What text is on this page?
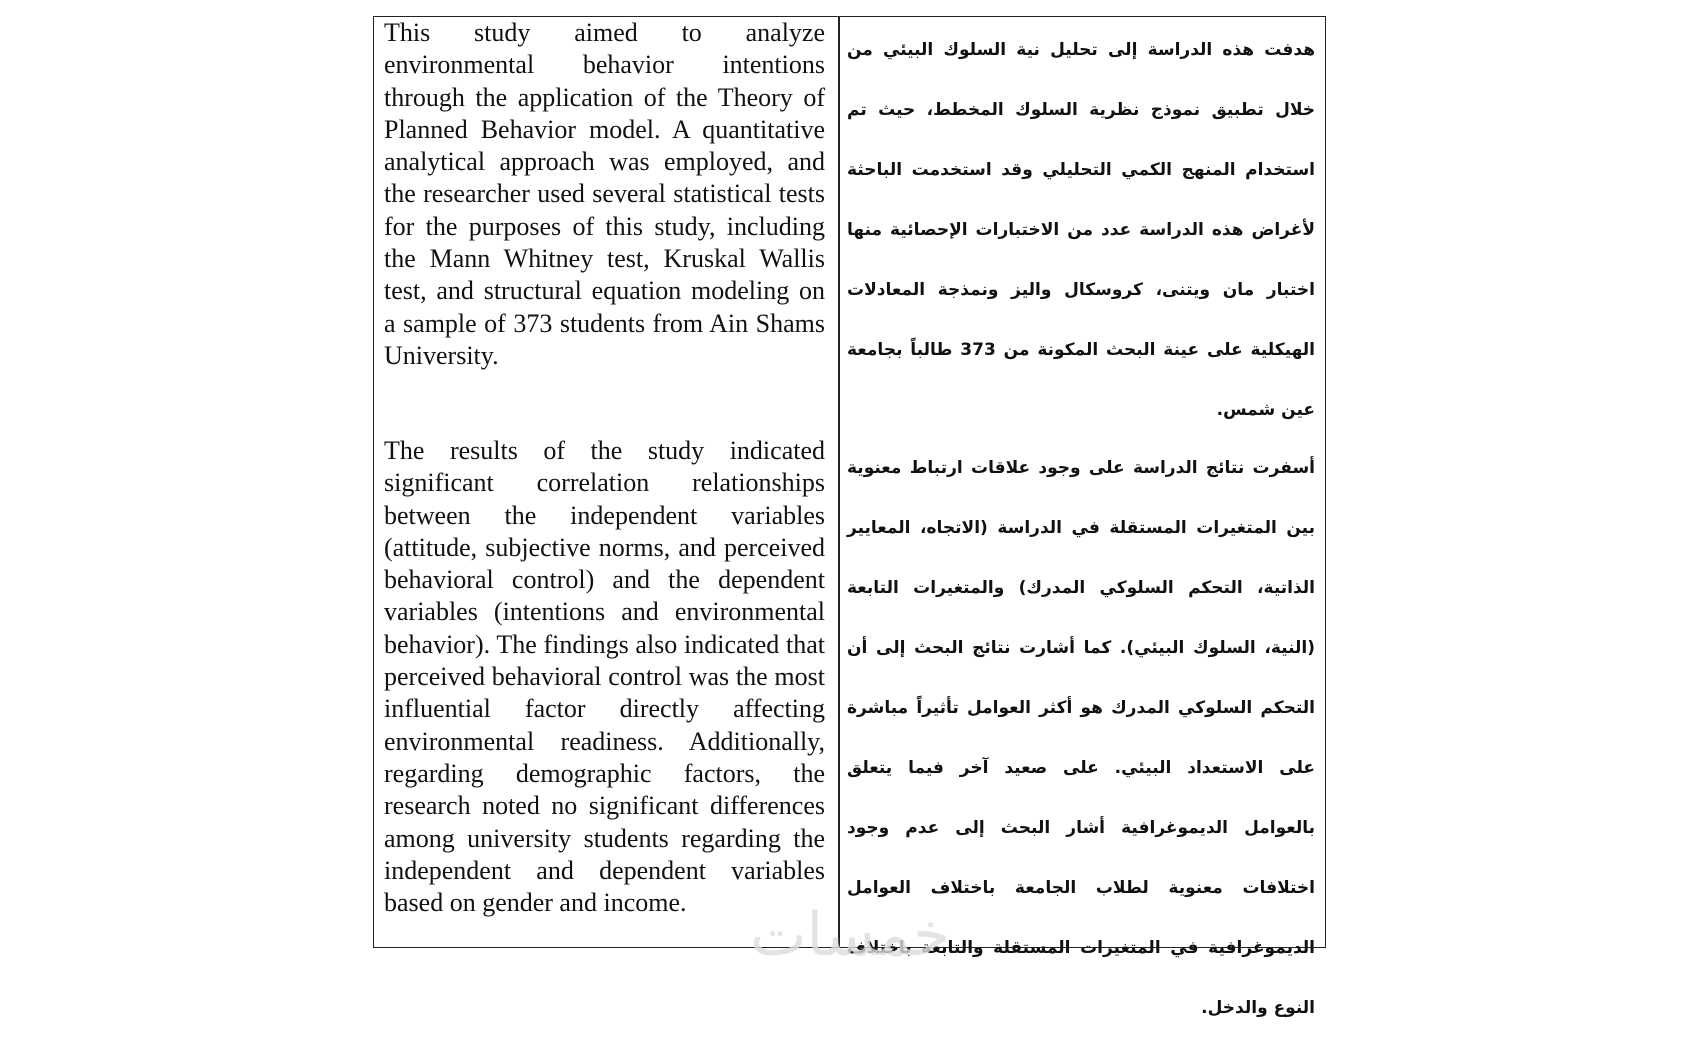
This study aimed to analyze environmental behavior intentions through the application of the Theory of Planned Behavior model. A quantitative analytical approach was employed, and the researcher used several statistical tests for the purposes of this study, including the Mann Whitney test, Kruskal Wallis test, and structural equation modeling on a sample of 373 students from Ain Shams University.

The results of the study indicated significant correlation relationships between the independent variables (attitude, subjective norms, and perceived behavioral control) and the dependent variables (intentions and environmental behavior). The findings also indicated that perceived behavioral control was the most influential factor directly affecting environmental readiness. Additionally, regarding demographic factors, the research noted no significant differences among university students regarding the independent and dependent variables based on gender and income.

هدفت هذه الدراسة إلى تحليل نية السلوك البيئي من خلال تطبيق نموذج نظرية السلوك المخطط، حيث تم استخدام المنهج الكمي التحليلي وقد استخدمت الباحثة لأغراض هذه الدراسة عدد من الاختبارات الإحصائية منها اختبار مان ويتنى، كروسكال واليز ونمذجة المعادلات الهيكلية على عينة البحث المكونة من 373 طالباً بجامعة عين شمس.

أسفرت نتائج الدراسة على وجود علاقات ارتباط معنوية بين المتغيرات المستقلة في الدراسة (الاتجاه، المعايير الذاتية، التحكم السلوكي المدرك) والمتغيرات التابعة (النية، السلوك البيئي). كما أشارت نتائج البحث إلى أن التحكم السلوكي المدرك هو أكثر العوامل تأثيراً مباشرة على الاستعداد البيئي. على صعيد آخر فيما يتعلق بالعوامل الديموغرافية أشار البحث إلى عدم وجود اختلافات معنوية لطلاب الجامعة باختلاف العوامل الديموغرافية في المتغيرات المستقلة والتابعة باختلاف النوع والدخل.

خمسات
